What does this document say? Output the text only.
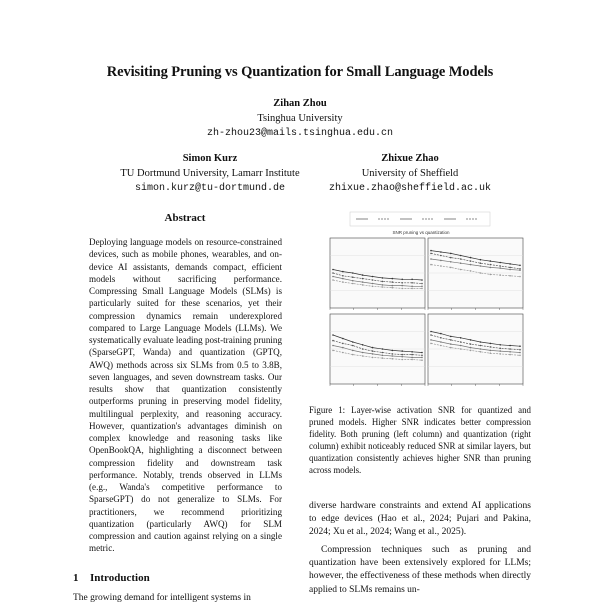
Revisiting Pruning vs Quantization for Small Language Models
Zihan Zhou
Tsinghua University
zh-zhou23@mails.tsinghua.edu.cn
Simon Kurz
TU Dortmund University, Lamarr Institute
simon.kurz@tu-dortmund.de
Zhixue Zhao
University of Sheffield
zhixue.zhao@sheffield.ac.uk
Abstract
Deploying language models on resource-constrained devices, such as mobile phones, wearables, and on-device AI assistants, demands compact, efficient models without sacrificing performance. Compressing Small Language Models (SLMs) is particularly suited for these scenarios, yet their compression dynamics remain underexplored compared to Large Language Models (LLMs). We systematically evaluate leading post-training pruning (SparseGPT, Wanda) and quantization (GPTQ, AWQ) methods across six SLMs from 0.5 to 3.8B, seven languages, and seven downstream tasks. Our results show that quantization consistently outperforms pruning in preserving model fidelity, multilingual perplexity, and reasoning accuracy. However, quantization's advantages diminish on complex knowledge and reasoning tasks like OpenBookQA, highlighting a disconnect between compression fidelity and downstream task performance. Notably, trends observed in LLMs (e.g., Wanda's competitive performance to SparseGPT) do not generalize to SLMs. For practitioners, we recommend prioritizing quantization (particularly AWQ) for SLM compression and caution against relying on a single metric.
1 Introduction
The growing demand for intelligent systems in
SNR pruning vs quantization
Figure 1: Layer-wise activation SNR for quantized and pruned models. Higher SNR indicates better compression fidelity. Both pruning (left column) and quantization (right column) exhibit noticeably reduced SNR at similar layers, but quantization consistently achieves higher SNR than pruning across models.
diverse hardware constraints and extend AI applications to edge devices (Hao et al., 2024; Pujari and Pakina, 2024; Xu et al., 2024; Wang et al., 2025).
Compression techniques such as pruning and quantization have been extensively explored for LLMs; however, the effectiveness of these methods when directly applied to SLMs remains un-
